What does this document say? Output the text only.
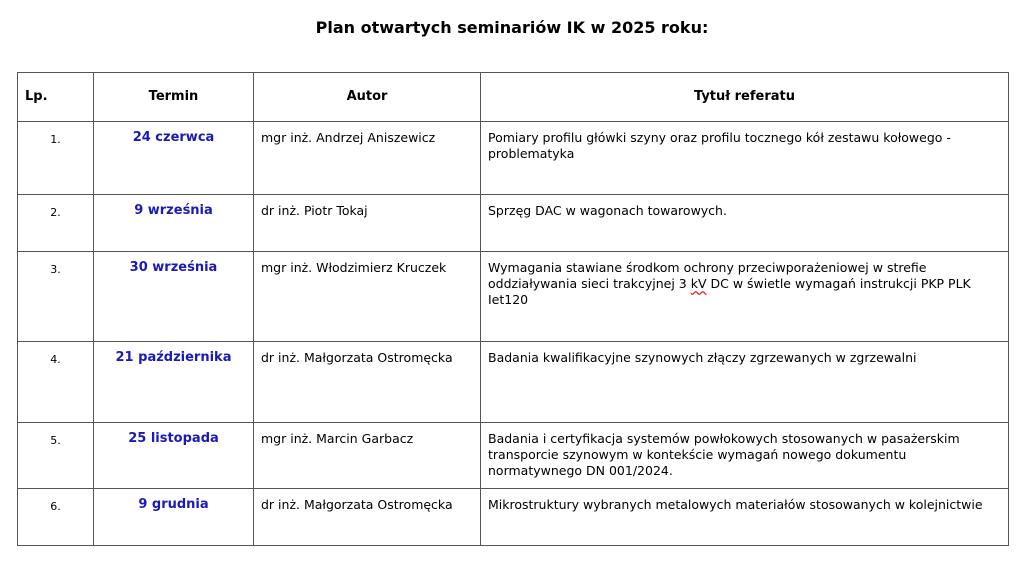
Plan otwartych seminariów IK w 2025 roku:
Lp.	Termin	Autor	Tytuł referatu
1.	24 czerwca	mgr inż. Andrzej Aniszewicz	Pomiary profilu główki szyny oraz profilu tocznego kół zestawu kołowego - problematyka
2.	9 września	dr inż. Piotr Tokaj	Sprzęg DAC w wagonach towarowych.
3.	30 września	mgr inż. Włodzimierz Kruczek	Wymagania stawiane środkom ochrony przeciwporażeniowej w strefie oddziaływania sieci trakcyjnej 3 kV DC w świetle wymagań instrukcji PKP PLK Iet120
4.	21 października	dr inż. Małgorzata Ostromęcka	Badania kwalifikacyjne szynowych złączy zgrzewanych w zgrzewalni
5.	25 listopada	mgr inż. Marcin Garbacz	Badania i certyfikacja systemów powłokowych stosowanych w pasażerskim transporcie szynowym w kontekście wymagań nowego dokumentu normatywnego DN 001/2024.
6.	9 grudnia	dr inż. Małgorzata Ostromęcka	Mikrostruktury wybranych metalowych materiałów stosowanych w kolejnictwie
